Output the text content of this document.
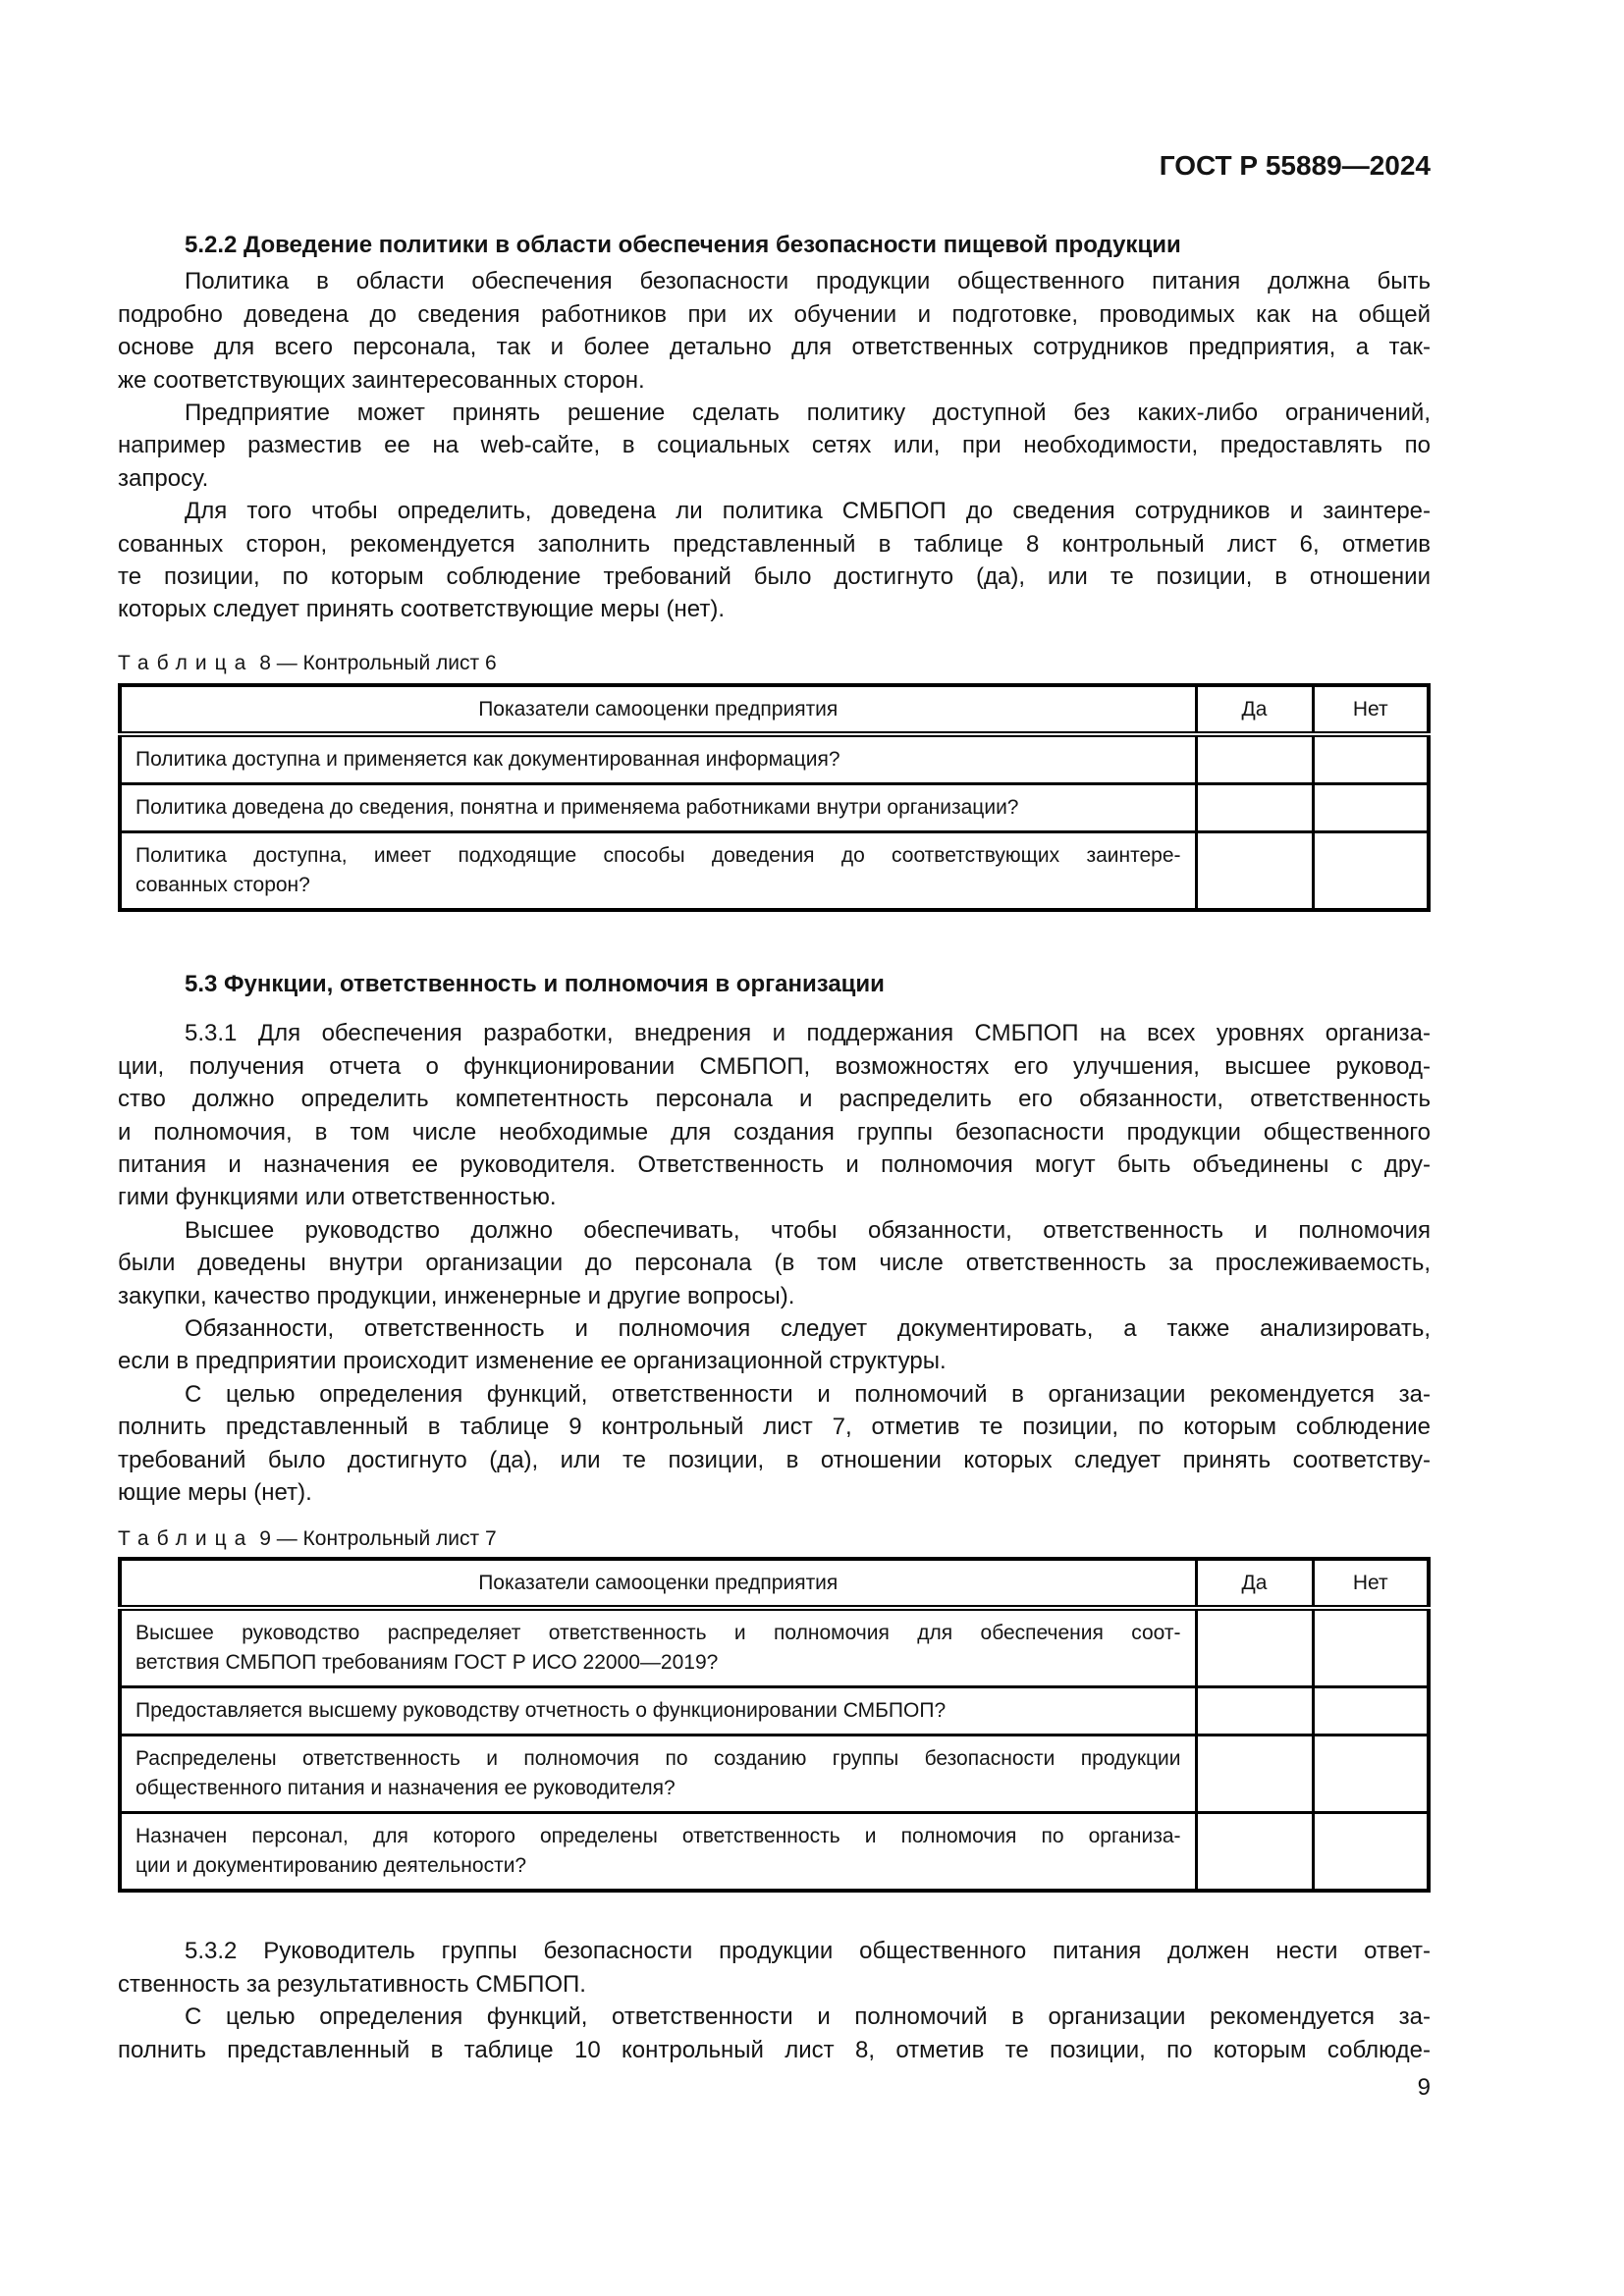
ГОСТ Р 55889—2024
5.2.2 Доведение политики в области обеспечения безопасности пищевой продукции
Политика в области обеспечения безопасности продукции общественного питания должна быть
подробно доведена до сведения работников при их обучении и подготовке, проводимых как на общей
основе для всего персонала, так и более детально для ответственных сотрудников предприятия, а так-
же соответствующих заинтересованных сторон.
Предприятие может принять решение сделать политику доступной без каких-либо ограничений,
например разместив ее на web-сайте, в социальных сетях или, при необходимости, предоставлять по
запросу.
Для того чтобы определить, доведена ли политика СМБПОП до сведения сотрудников и заинтере-
сованных сторон, рекомендуется заполнить представленный в таблице 8 контрольный лист 6, отметив
те позиции, по которым соблюдение требований было достигнуто (да), или те позиции, в отношении
которых следует принять соответствующие меры (нет).
Таблица 8 — Контрольный лист 6
Показатели самооценки предприятия	Да	Нет

Политика доступна и применяется как документированная информация?		

Политика доведена до сведения, понятна и применяема работниками внутри организации?		

Политика доступна, имеет подходящие способы доведения до соответствующих заинтере-
сованных сторон?		

5.3 Функции, ответственность и полномочия в организации
5.3.1 Для обеспечения разработки, внедрения и поддержания СМБПОП на всех уровнях организа-
ции, получения отчета о функционировании СМБПОП, возможностях его улучшения, высшее руковод-
ство должно определить компетентность персонала и распределить его обязанности, ответственность
и полномочия, в том числе необходимые для создания группы безопасности продукции общественного
питания и назначения ее руководителя. Ответственность и полномочия могут быть объединены с дру-
гими функциями или ответственностью.
Высшее руководство должно обеспечивать, чтобы обязанности, ответственность и полномочия
были доведены внутри организации до персонала (в том числе ответственность за прослеживаемость,
закупки, качество продукции, инженерные и другие вопросы).
Обязанности, ответственность и полномочия следует документировать, а также анализировать,
если в предприятии происходит изменение ее организационной структуры.
С целью определения функций, ответственности и полномочий в организации рекомендуется за-
полнить представленный в таблице 9 контрольный лист 7, отметив те позиции, по которым соблюдение
требований было достигнуто (да), или те позиции, в отношении которых следует принять соответству-
ющие меры (нет).
Таблица 9 — Контрольный лист 7
Показатели самооценки предприятия	Да	Нет

Высшее руководство распределяет ответственность и полномочия для обеспечения соот-
ветствия СМБПОП требованиям ГОСТ Р ИСО 22000—2019?		

Предоставляется высшему руководству отчетность о функционировании СМБПОП?		

Распределены ответственность и полномочия по созданию группы безопасности продукции
общественного питания и назначения ее руководителя?		

Назначен персонал, для которого определены ответственность и полномочия по организа-
ции и документированию деятельности?		

5.3.2 Руководитель группы безопасности продукции общественного питания должен нести ответ-
ственность за результативность СМБПОП.
С целью определения функций, ответственности и полномочий в организации рекомендуется за-
полнить представленный в таблице 10 контрольный лист 8, отметив те позиции, по которым соблюде-
9
